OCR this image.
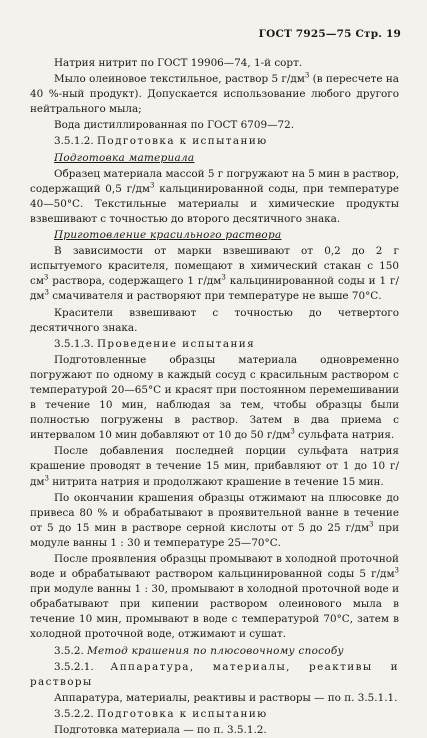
ГОСТ 7925—75 Стр. 19

Натрия нитрит по ГОСТ 19906—74, 1-й сорт.

Мыло олеиновое текстильное, раствор 5 $г/дм^3$ (в пересчете на 40 %-ный продукт). Допускается использование любого другого нейтрального мыла;

Вода дистиллированная по ГОСТ 6709—72.

3.5.1.2. Подготовка к испытанию

Подготовка материала

Образец материала массой 5 г погружают на 5 мин в раствор, содержащий 0,5 $г/дм^3$ кальцинированной соды, при температуре 40—50°С. Текстильные материалы и химические продукты взвешивают с точностью до второго десятичного знака.

Приготовление красильного раствора

В зависимости от марки взвешивают от 0,2 до 2 г испытуемого красителя, помещают в химический стакан с 150 $см^3$ раствора, содержащего 1 $г/дм^3$ кальцинированной соды и 1 $г/дм^3$ смачивателя и растворяют при температуре не выше 70°С.

Красители взвешивают с точностью до четвертого десятичного знака.

3.5.1.3. Проведение испытания

Подготовленные образцы материала одновременно погружают по одному в каждый сосуд с красильным раствором с температурой 20—65°С и красят при постоянном перемешивании в течение 10 мин, наблюдая за тем, чтобы образцы были полностью погружены в раствор. Затем в два приема с интервалом 10 мин добавляют от 10 до 50 $г/дм^3$ сульфата натрия.

После добавления последней порции сульфата натрия крашение проводят в течение 15 мин, прибавляют от 1 до 10 $г/дм^3$ нитрита натрия и продолжают крашение в течение 15 мин.

По окончании крашения образцы отжимают на плюсовке до привеса 80 % и обрабатывают в проявительной ванне в течение от 5 до 15 мин в растворе серной кислоты от 5 до 25 $г/дм^3$ при модуле ванны 1 : 30 и температуре 25—70°С.

После проявления образцы промывают в холодной проточной воде и обрабатывают раствором кальцинированной соды 5 $г/дм^3$ при модуле ванны 1 : 30, промывают в холодной проточной воде и обрабатывают при кипении раствором олеинового мыла в течение 10 мин, промывают в воде с температурой 70°С, затем в холодной проточной воде, отжимают и сушат.

3.5.2. Метод крашения по плюсовочному способу

3.5.2.1. Аппаратура, материалы, реактивы и растворы

Аппаратура, материалы, реактивы и растворы — по п. 3.5.1.1.

3.5.2.2. Подготовка к испытанию

Подготовка материала — по п. 3.5.1.2.
